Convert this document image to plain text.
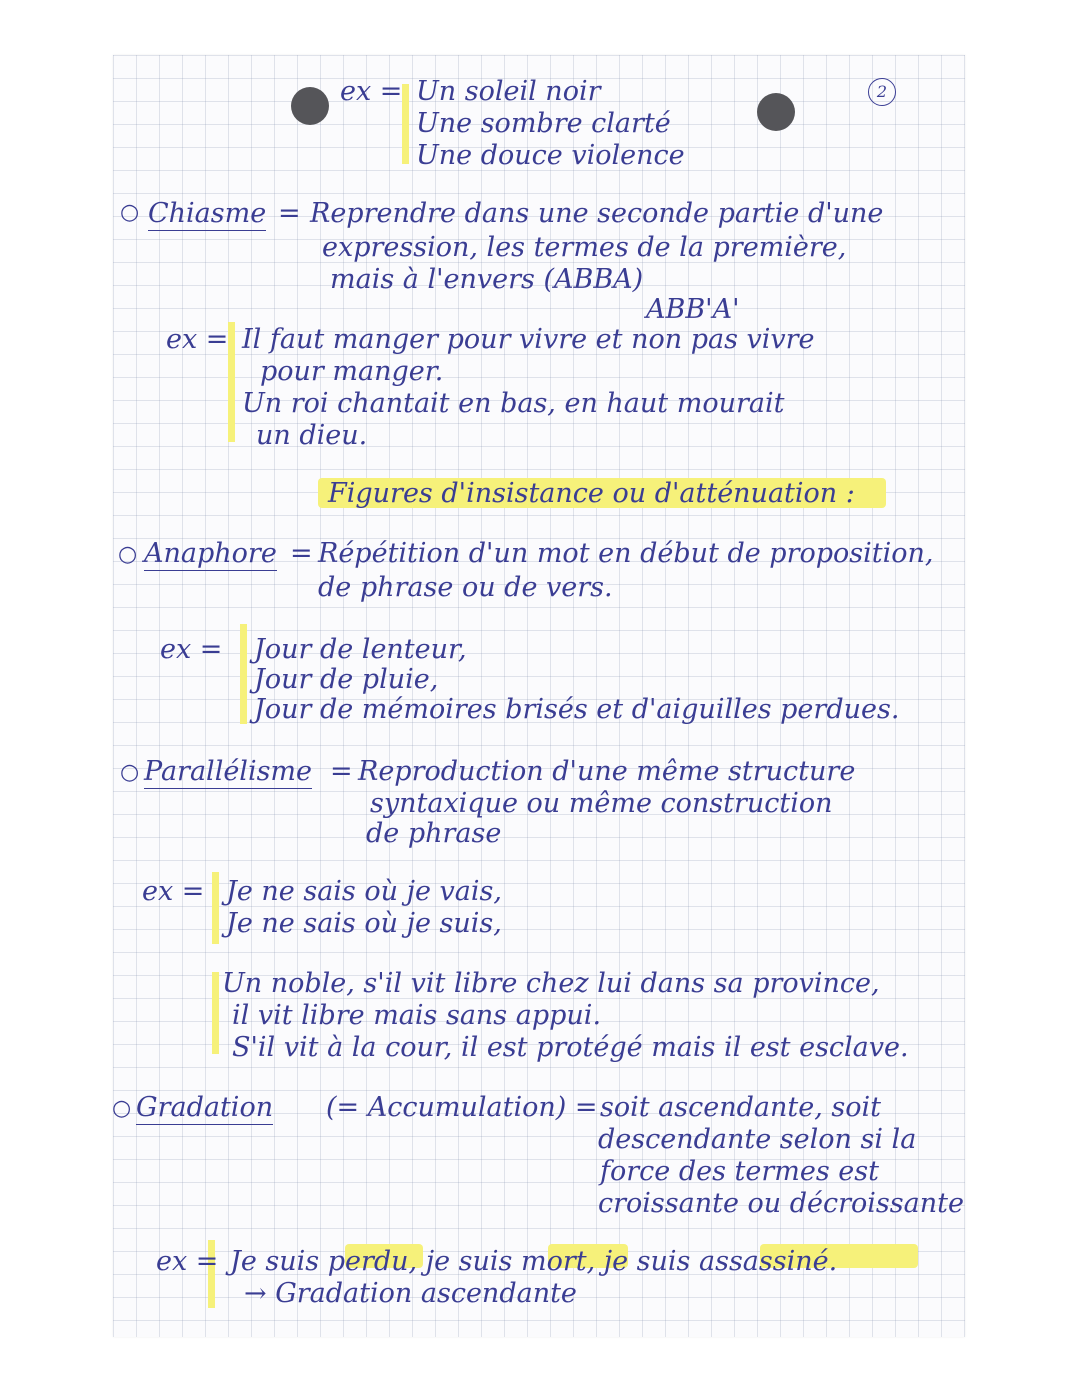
2
ex = Un soleil noir
Une sombre clarté
Une douce violence
○ Chiasme = Reprendre dans une seconde partie d'une
expression, les termes de la première,
mais à l'envers (ABBA)
ABB'A'
ex = Il faut manger pour vivre et non pas vivre
pour manger.
Un roi chantait en bas, en haut mourait
un dieu.
Figures d'insistance ou d'atténuation :
○ Anaphore = Répétition d'un mot en début de proposition,
de phrase ou de vers.
ex = Jour de lenteur,
Jour de pluie,
Jour de mémoires brisés et d'aiguilles perdues.
○ Parallélisme = Reproduction d'une même structure
syntaxique ou même construction
de phrase
ex = Je ne sais où je vais,
Je ne sais où je suis,
Un noble, s'il vit libre chez lui dans sa province,
il vit libre mais sans appui.
S'il vit à la cour, il est protégé mais il est esclave.
○ Gradation (= Accumulation) = soit ascendante, soit
descendante selon si la
force des termes est
croissante ou décroissante
ex = Je suis perdu, je suis mort, je suis assassiné.
→ Gradation ascendante
